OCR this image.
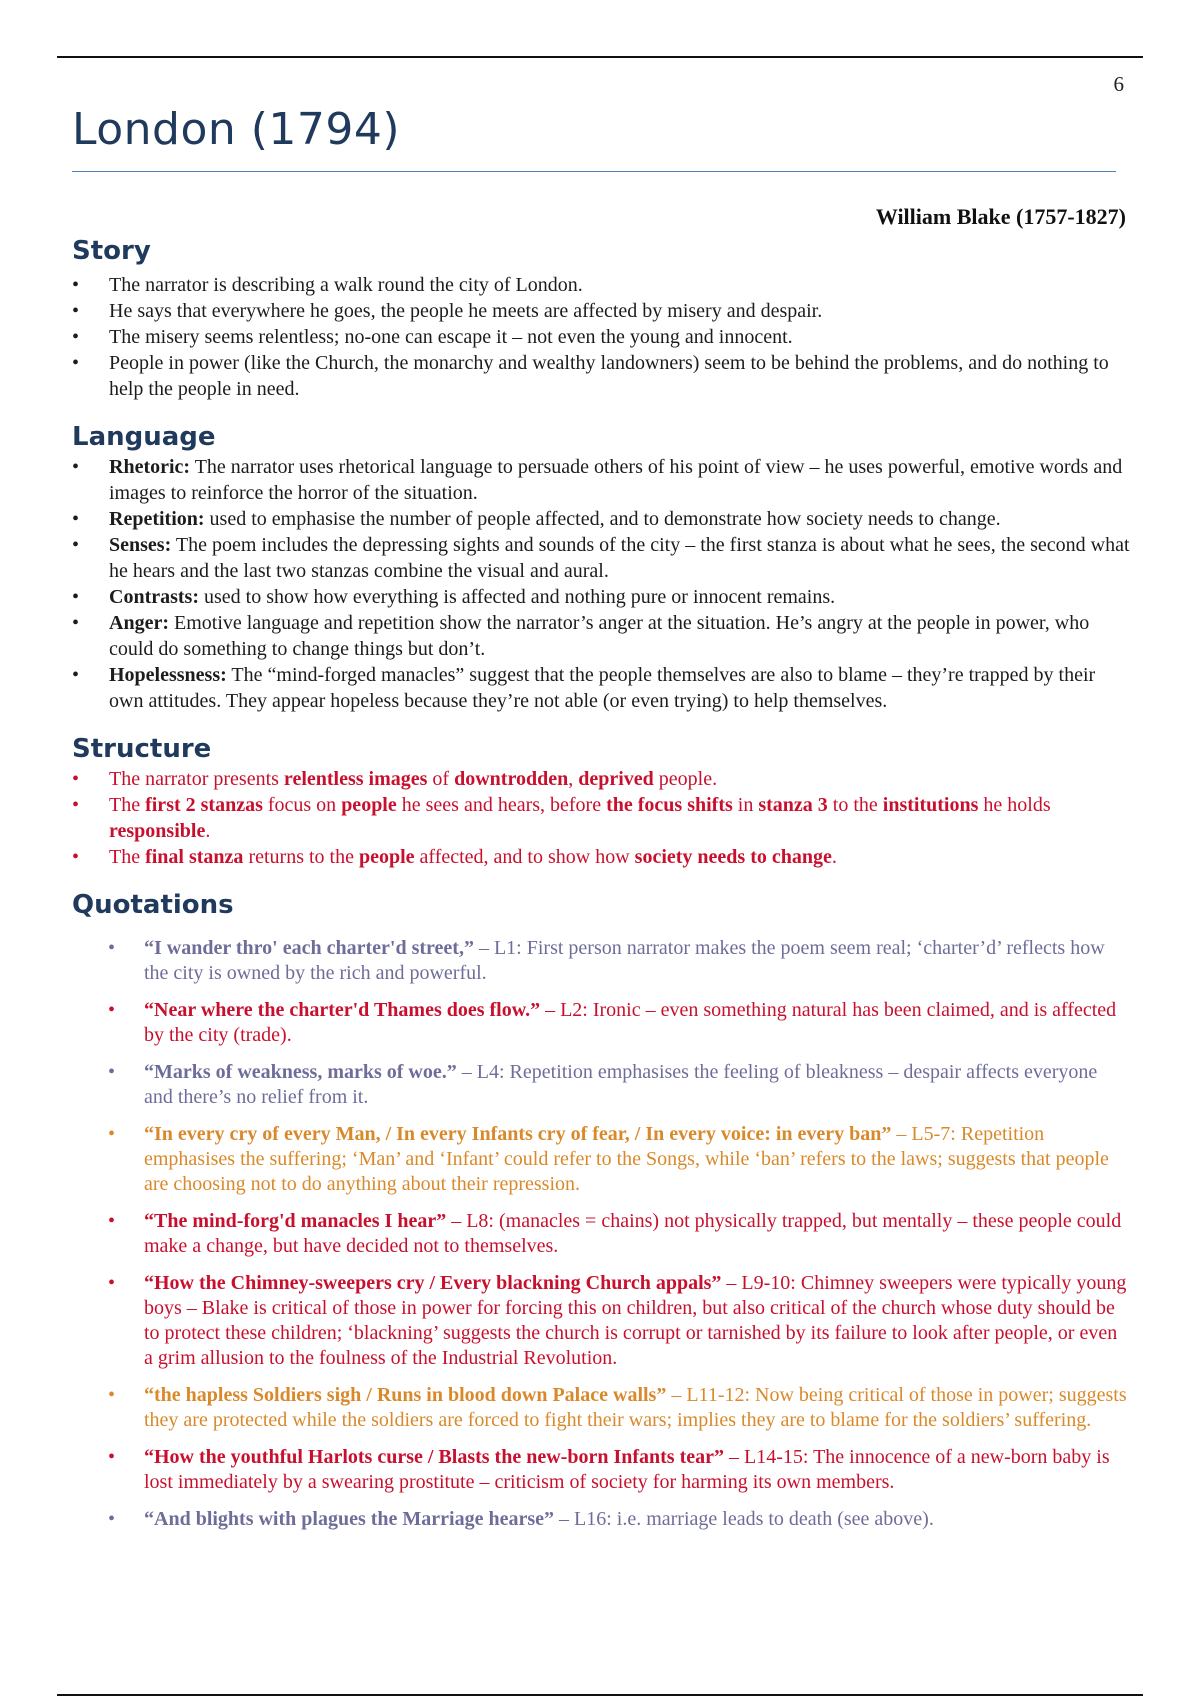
6
London (1794)
William Blake (1757-1827)
Story
• The narrator is describing a walk round the city of London.
• He says that everywhere he goes, the people he meets are affected by misery and despair.
• The misery seems relentless; no-one can escape it – not even the young and innocent.
• People in power (like the Church, the monarchy and wealthy landowners) seem to be behind the problems, and do nothing to help the people in need.
Language
• Rhetoric: The narrator uses rhetorical language to persuade others of his point of view – he uses powerful, emotive words and images to reinforce the horror of the situation.
• Repetition: used to emphasise the number of people affected, and to demonstrate how society needs to change.
• Senses: The poem includes the depressing sights and sounds of the city – the first stanza is about what he sees, the second what he hears and the last two stanzas combine the visual and aural.
• Contrasts: used to show how everything is affected and nothing pure or innocent remains.
• Anger: Emotive language and repetition show the narrator’s anger at the situation. He’s angry at the people in power, who could do something to change things but don’t.
• Hopelessness: The “mind-forged manacles” suggest that the people themselves are also to blame – they’re trapped by their own attitudes. They appear hopeless because they’re not able (or even trying) to help themselves.
Structure
• The narrator presents relentless images of downtrodden, deprived people.
• The first 2 stanzas focus on people he sees and hears, before the focus shifts in stanza 3 to the institutions he holds responsible.
• The final stanza returns to the people affected, and to show how society needs to change.
Quotations
• “I wander thro' each charter'd street,” – L1: First person narrator makes the poem seem real; ‘charter’d’ reflects how the city is owned by the rich and powerful.
• “Near where the charter'd Thames does flow.” – L2: Ironic – even something natural has been claimed, and is affected by the city (trade).
• “Marks of weakness, marks of woe.” – L4: Repetition emphasises the feeling of bleakness – despair affects everyone and there’s no relief from it.
• “In every cry of every Man, / In every Infants cry of fear, / In every voice: in every ban” – L5-7: Repetition emphasises the suffering; ‘Man’ and ‘Infant’ could refer to the Songs, while ‘ban’ refers to the laws; suggests that people are choosing not to do anything about their repression.
• “The mind-forg'd manacles I hear” – L8: (manacles = chains) not physically trapped, but mentally – these people could make a change, but have decided not to themselves.
• “How the Chimney-sweepers cry / Every blackning Church appals” – L9-10: Chimney sweepers were typically young boys – Blake is critical of those in power for forcing this on children, but also critical of the church whose duty should be to protect these children; ‘blackning’ suggests the church is corrupt or tarnished by its failure to look after people, or even a grim allusion to the foulness of the Industrial Revolution.
• “the hapless Soldiers sigh / Runs in blood down Palace walls” – L11-12: Now being critical of those in power; suggests they are protected while the soldiers are forced to fight their wars; implies they are to blame for the soldiers’ suffering.
• “How the youthful Harlots curse / Blasts the new-born Infants tear” – L14-15: The innocence of a new-born baby is lost immediately by a swearing prostitute – criticism of society for harming its own members.
• “And blights with plagues the Marriage hearse” – L16: i.e. marriage leads to death (see above).
